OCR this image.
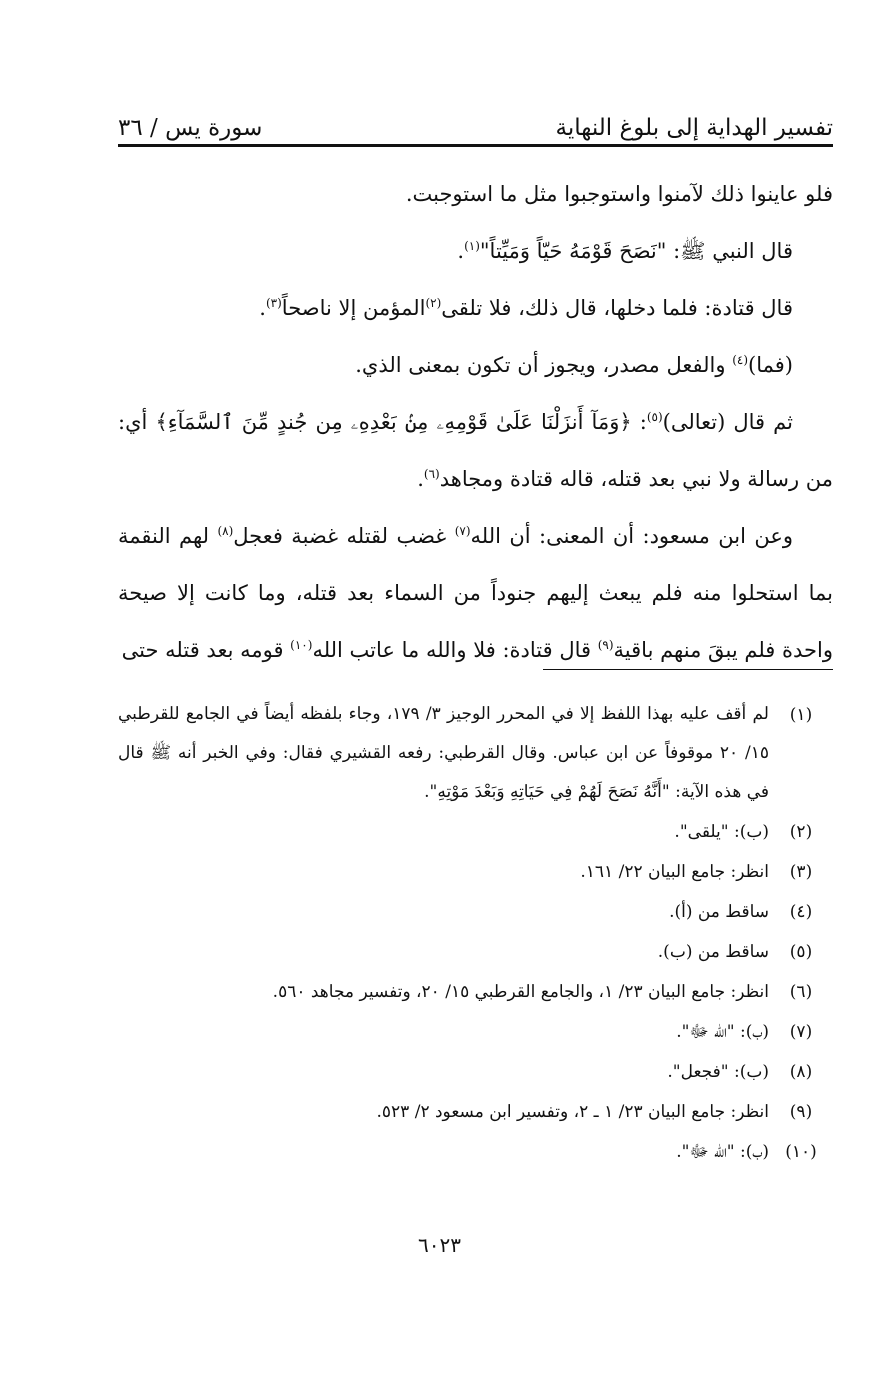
تفسير الهداية إلى بلوغ النهاية
سورة يس / ٣٦

فلو عاينوا ذلك لآمنوا واستوجبوا مثل ما استوجبت.

قال النبي ﷺ: "نَصَحَ قَوْمَهُ حَيّاً وَمَيِّتاً"$^{(١)}$.

قال قتادة: فلما دخلها، قال ذلك، فلا تلقى$^{(٢)}$المؤمن إلا ناصحاً$^{(٣)}$.

(فما)$^{(٤)}$ والفعل مصدر، ويجوز أن تكون بمعنى الذي.

ثم قال (تعالى)$^{(٥)}$: ﴿وَمَآ أَنزَلْنَا عَلَىٰ قَوْمِهِۦ مِنۢ بَعْدِهِۦ مِن جُندٍ مِّنَ ٱلسَّمَآءِ﴾ أي: من رسالة ولا نبي بعد قتله، قاله قتادة ومجاهد$^{(٦)}$.

وعن ابن مسعود: أن المعنى: أن الله$^{(٧)}$ غضب لقتله غضبة فعجل$^{(٨)}$ لهم النقمة بما استحلوا منه فلم يبعث إليهم جنوداً من السماء بعد قتله، وما كانت إلا صيحة واحدة فلم يبقَ منهم باقية$^{(٩)}$ قال قتادة: فلا والله ما عاتب الله$^{(١٠)}$ قومه بعد قتله حتى

(١)
لم أقف عليه بهذا اللفظ إلا في المحرر الوجيز ٣/ ١٧٩، وجاء بلفظه أيضاً في الجامع للقرطبي ١٥/ ٢٠ موقوفاً عن ابن عباس. وقال القرطبي: رفعه القشيري فقال: وفي الخبر أنه ﷺ قال في هذه الآية: "أَنَّهُ نَصَحَ لَهُمْ فِي حَيَاتِهِ وَبَعْدَ مَوْتِهِ".
(٢)
(ب): "يلقى".
(٣)
انظر: جامع البيان ٢٢/ ١٦١.
(٤)
ساقط من (أ).
(٥)
ساقط من (ب).
(٦)
انظر: جامع البيان ٢٣/ ١، والجامع القرطبي ١٥/ ٢٠، وتفسير مجاهد ٥٦٠.
(٧)
(ب): "الله ﷻ".
(٨)
(ب): "فجعل".
(٩)
انظر: جامع البيان ٢٣/ ١ ـ ٢، وتفسير ابن مسعود ٢/ ٥٢٣.
(١٠)
(ب): "الله ﷻ".
٦٠٢٣
